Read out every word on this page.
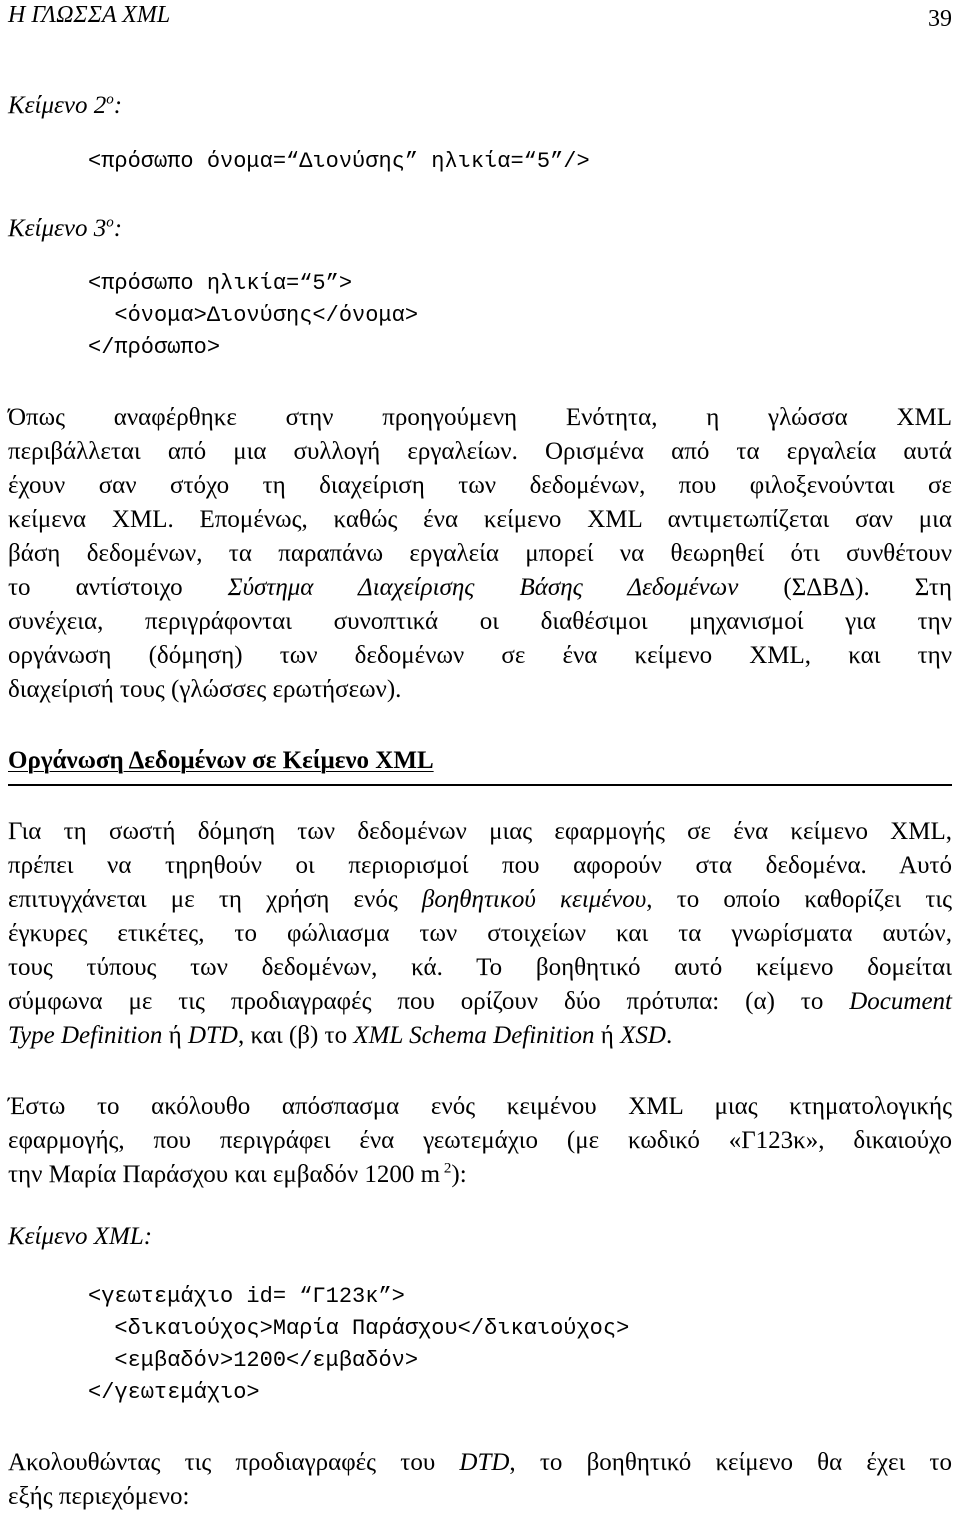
Η ΓΛΩΣΣΑ XML	39
Κείμενο $2^o$:
<πρόσωπο όνομα=“Διονύσης” ηλικία=“5”/>
Κείμενο $3^o$:
<πρόσωπο ηλικία=“5”>
<όνομα>Διονύσης</όνομα>
</πρόσωπο>
Όπως αναφέρθηκε στην προηγούμενη Ενότητα, η γλώσσα XML
περιβάλλεται από μια συλλογή εργαλείων. Ορισμένα από τα εργαλεία αυτά
έχουν σαν στόχο τη διαχείριση των δεδομένων, που φιλοξενούνται σε
κείμενα XML. Επομένως, καθώς ένα κείμενο XML αντιμετωπίζεται σαν μια
βάση δεδομένων, τα παραπάνω εργαλεία μπορεί να θεωρηθεί ότι συνθέτουν
το αντίστοιχο Σύστημα Διαχείρισης Βάσης Δεδομένων (ΣΔΒΔ). Στη
συνέχεια, περιγράφονται συνοπτικά οι διαθέσιμοι μηχανισμοί για την
οργάνωση (δόμηση) των δεδομένων σε ένα κείμενο XML, και την
διαχείρισή τους (γλώσσες ερωτήσεων).
Οργάνωση Δεδομένων σε Κείμενο XML
Για τη σωστή δόμηση των δεδομένων μιας εφαρμογής σε ένα κείμενο XML,
πρέπει να τηρηθούν οι περιορισμοί που αφορούν στα δεδομένα. Αυτό
επιτυγχάνεται με τη χρήση ενός βοηθητικού κειμένου, το οποίο καθορίζει τις
έγκυρες ετικέτες, το φώλιασμα των στοιχείων και τα γνωρίσματα αυτών,
τους τύπους των δεδομένων, κά. Το βοηθητικό αυτό κείμενο δομείται
σύμφωνα με τις προδιαγραφές που ορίζουν δύο πρότυπα: (α) το Document
Type Definition ή DTD, και (β) το XML Schema Definition ή XSD.
Έστω το ακόλουθο απόσπασμα ενός κειμένου XML μιας κτηματολογικής
εφαρμογής, που περιγράφει ένα γεωτεμάχιο (με κωδικό «Γ123κ», δικαιούχο
την Μαρία Παράσχου και εμβαδόν 1200 m $^2$):
Κείμενο XML:
<γεωτεμάχιο id= “Γ123κ”>
<δικαιούχος>Μαρία Παράσχου</δικαιούχος>
<εμβαδόν>1200</εμβαδόν>
</γεωτεμάχιο>
Ακολουθώντας τις προδιαγραφές του DTD, το βοηθητικό κείμενο θα έχει το
εξής περιεχόμενο:
